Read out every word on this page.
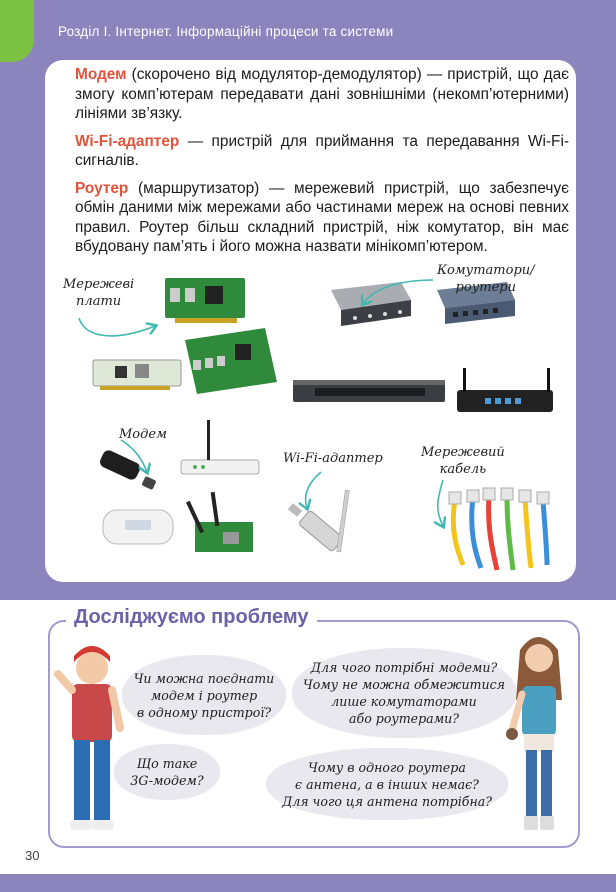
Розділ І. Інтернет. Інформаційні процеси та системи

Модем (скорочено від модулятор-демодулятор) — пристрій, що дає змогу комп’ютерам передавати дані зовнішніми (некомп’ютерними) лініями зв’язку.

Wi-Fi-адаптер — пристрій для приймання та передавання Wi-Fi-сигналів.

Роутер (маршрутизатор) — мережевий пристрій, що забезпечує обмін даними між мережами або частинами мереж на основі певних правил. Роутер більш складний пристрій, ніж комутатор, він має вбудовану пам’ять і його можна назвати мінікомп’ютером.

Мережеві
плати
Комутатори/
роутери
Модем
Wi-Fi-адаптер	Мережевий
кабель
Досліджуємо проблему
Чи можна поєднати
модем і роутер
в одному пристрої?
Що таке
3G-модем?
Для чого потрібні модеми?
Чому не можна обмежитися
лише комутаторами
або роутерами?
Чому в одного роутера
є антена, а в інших немає?
Для чого ця антена потрібна?
30
